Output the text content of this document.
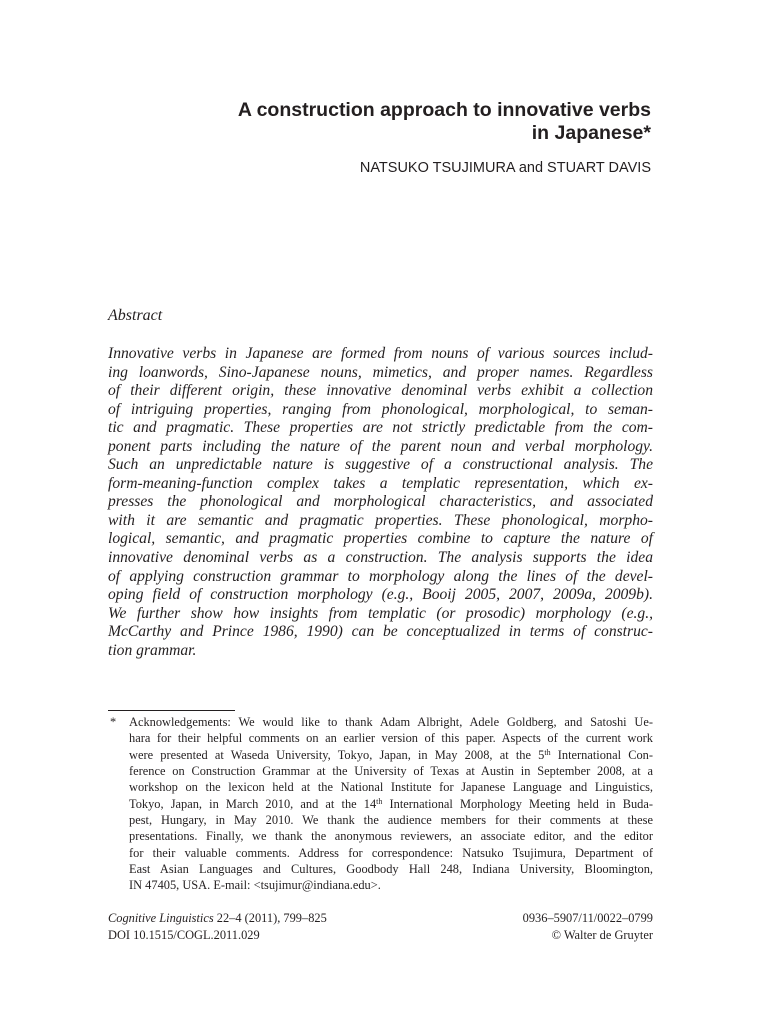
A construction approach to innovative verbs
in Japanese*
NATSUKO TSUJIMURA and STUART DAVIS
Abstract
Innovative verbs in Japanese are formed from nouns of various sources includ-
ing loanwords, Sino-Japanese nouns, mimetics, and proper names. Regardless
of their different origin, these innovative denominal verbs exhibit a collection
of intriguing properties, ranging from phonological, morphological, to seman-
tic and pragmatic. These properties are not strictly predictable from the com-
ponent parts including the nature of the parent noun and verbal morphology.
Such an unpredictable nature is suggestive of a constructional analysis. The
form-meaning-function complex takes a templatic representation, which ex-
presses the phonological and morphological characteristics, and associated
with it are semantic and pragmatic properties. These phonological, morpho-
logical, semantic, and pragmatic properties combine to capture the nature of
innovative denominal verbs as a construction. The analysis supports the idea
of applying construction grammar to morphology along the lines of the devel-
oping field of construction morphology (e.g., Booij 2005, 2007, 2009a, 2009b).
We further show how insights from templatic (or prosodic) morphology (e.g.,
McCarthy and Prince 1986, 1990) can be conceptualized in terms of construc-
tion grammar.
* Acknowledgements: We would like to thank Adam Albright, Adele Goldberg, and Satoshi Ue-
hara for their helpful comments on an earlier version of this paper. Aspects of the current work
were presented at Waseda University, Tokyo, Japan, in May 2008, at the 5th International Con-
ference on Construction Grammar at the University of Texas at Austin in September 2008, at a
workshop on the lexicon held at the National Institute for Japanese Language and Linguistics,
Tokyo, Japan, in March 2010, and at the 14th International Morphology Meeting held in Buda-
pest, Hungary, in May 2010. We thank the audience members for their comments at these
presentations. Finally, we thank the anonymous reviewers, an associate editor, and the editor
for their valuable comments. Address for correspondence: Natsuko Tsujimura, Department of
East Asian Languages and Cultures, Goodbody Hall 248, Indiana University, Bloomington,
IN 47405, USA. E-mail: <tsujimur@indiana.edu>.
Cognitive Linguistics 22–4 (2011), 799–825	0936–5907/11/0022–0799
DOI 10.1515/COGL.2011.029	© Walter de Gruyter
